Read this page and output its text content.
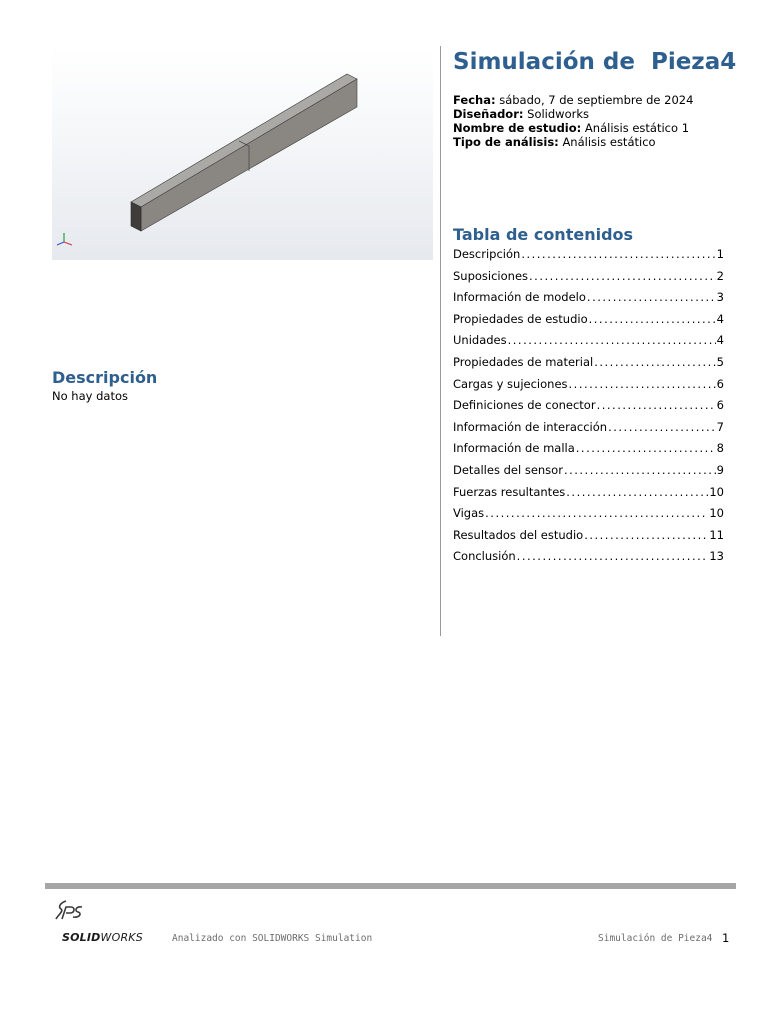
Simulación de  Pieza4
Fecha: sábado, 7 de septiembre de 2024
Diseñador: Solidworks
Nombre de estudio: Análisis estático 1
Tipo de análisis: Análisis estático
Tabla de contenidos
Descripción .....	1
Suposiciones .....	2
Información de modelo .....	3
Propiedades de estudio .....	4
Unidades .....	4
Propiedades de material .....	5
Cargas y sujeciones .....	6
Definiciones de conector .....	6
Información de interacción .....	7
Información de malla .....	8
Detalles del sensor .....	9
Fuerzas resultantes .....	10
Vigas .....	10
Resultados del estudio .....	11
Conclusión .....	13
Descripción
No hay datos
SOLIDWORKS	Analizado con SOLIDWORKS Simulation	Simulación de Pieza4 1
